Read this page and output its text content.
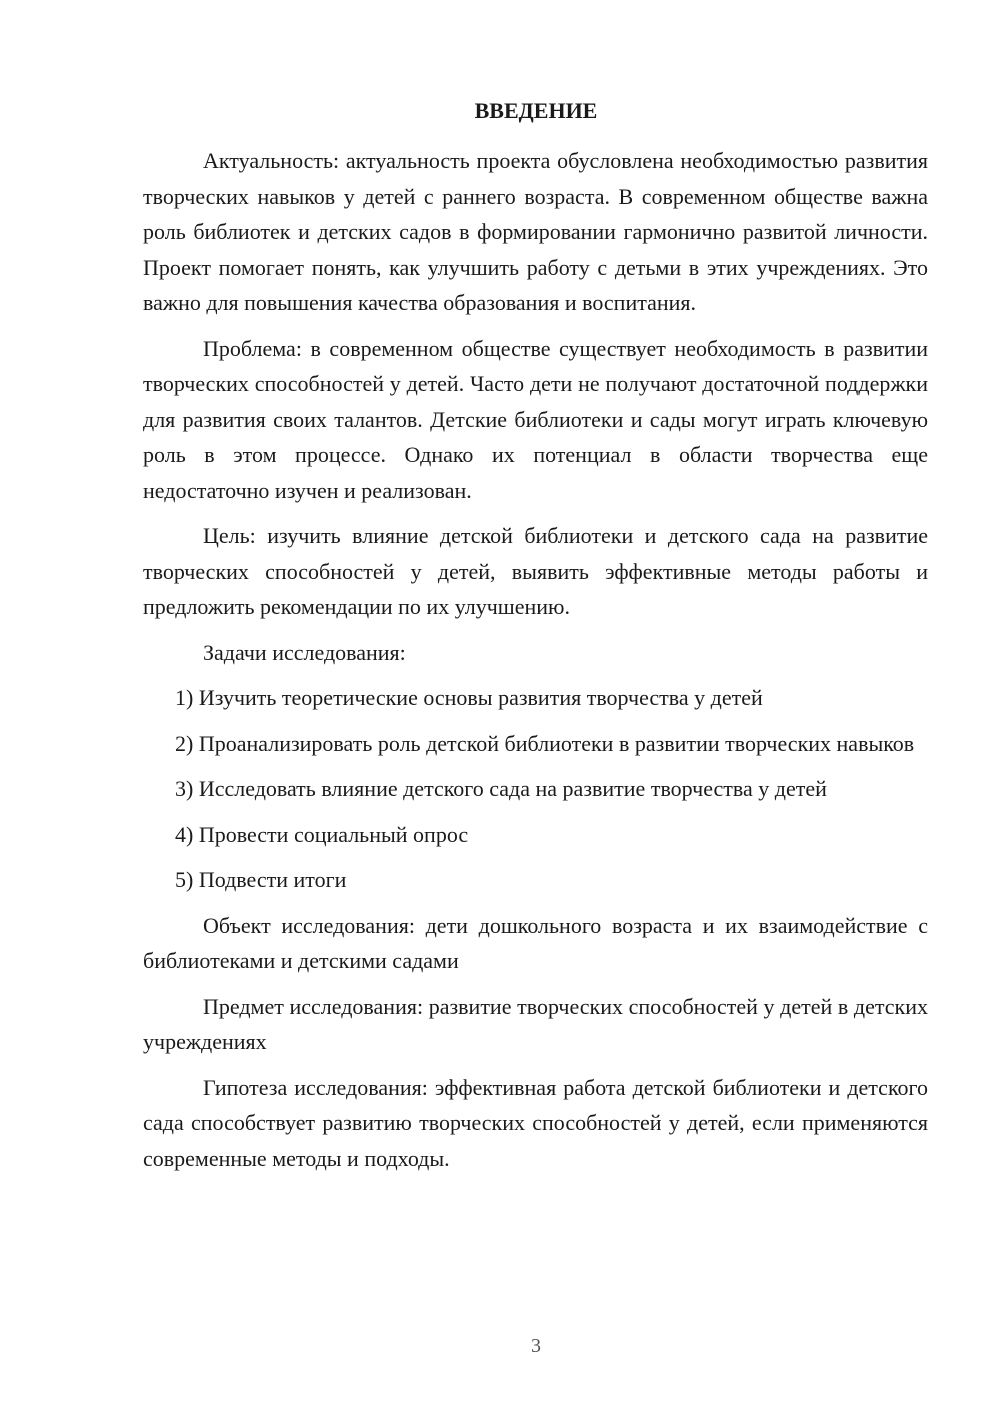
ВВЕДЕНИЕ

Актуальность: актуальность проекта обусловлена необходимостью развития творческих навыков у детей с раннего возраста. В современном обществе важна роль библиотек и детских садов в формировании гармонично развитой личности. Проект помогает понять, как улучшить работу с детьми в этих учреждениях. Это важно для повышения качества образования и воспитания.

Проблема: в современном обществе существует необходимость в развитии творческих способностей у детей. Часто дети не получают достаточной поддержки для развития своих талантов. Детские библиотеки и сады могут играть ключевую роль в этом процессе. Однако их потенциал в области творчества еще недостаточно изучен и реализован.

Цель: изучить влияние детской библиотеки и детского сада на развитие творческих способностей у детей, выявить эффективные методы работы и предложить рекомендации по их улучшению.

Задачи исследования:

1) Изучить теоретические основы развития творчества у детей

2) Проанализировать роль детской библиотеки в развитии творческих навыков

3) Исследовать влияние детского сада на развитие творчества у детей

4) Провести социальный опрос

5) Подвести итоги

Объект исследования: дети дошкольного возраста и их взаимодействие с библиотеками и детскими садами

Предмет исследования: развитие творческих способностей у детей в детских учреждениях

Гипотеза исследования: эффективная работа детской библиотеки и детского сада способствует развитию творческих способностей у детей, если применяются современные методы и подходы.

3
